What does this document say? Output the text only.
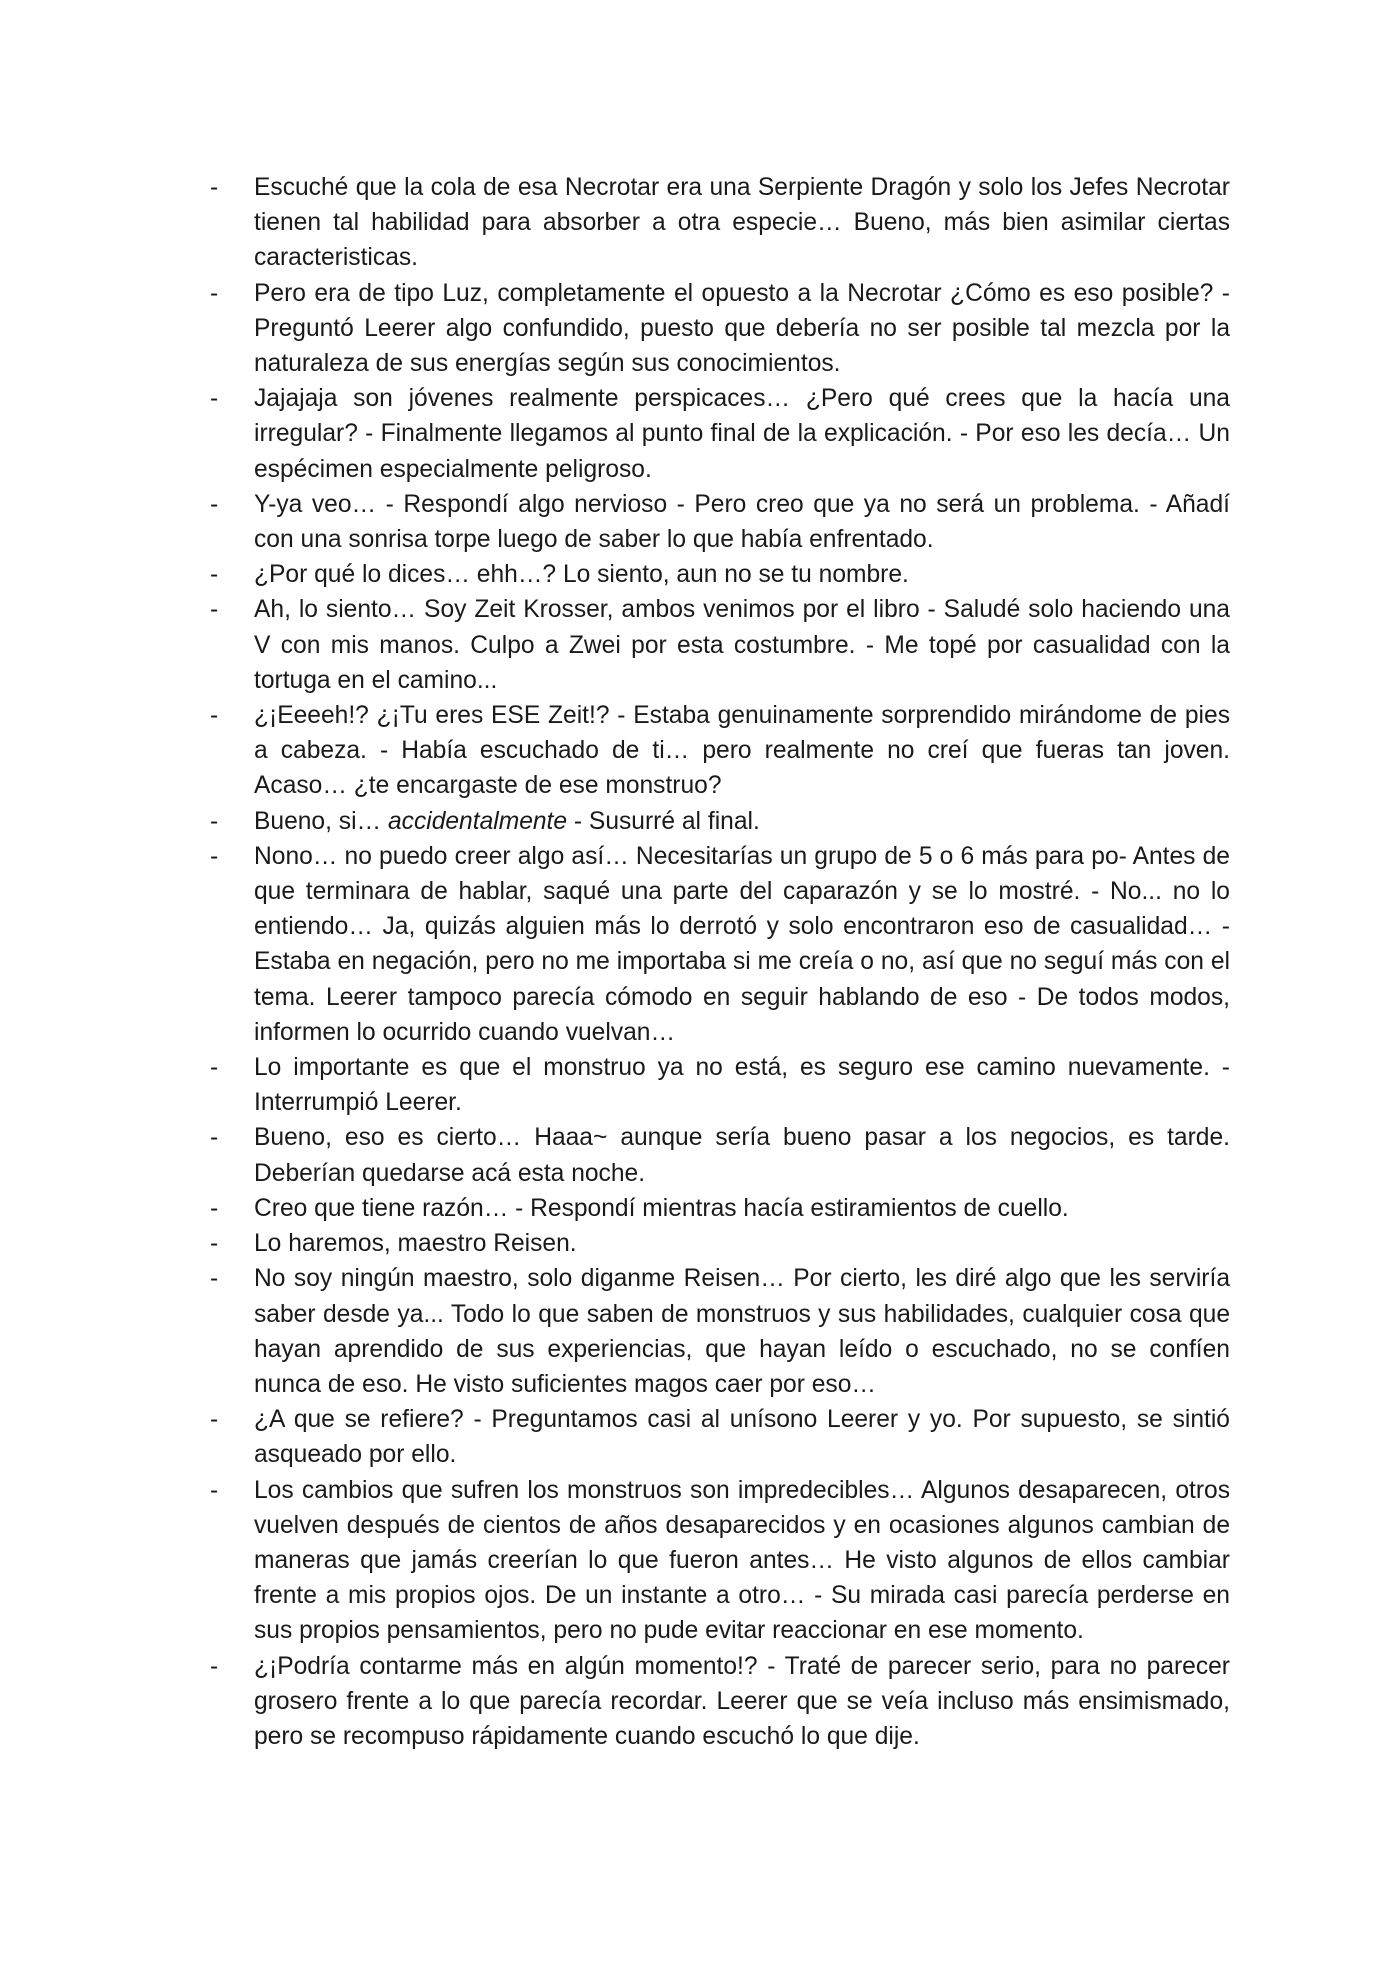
- Escuché que la cola de esa Necrotar era una Serpiente Dragón y solo los Jefes Necrotar tienen tal habilidad para absorber a otra especie… Bueno, más bien asimilar ciertas caracteristicas.
- Pero era de tipo Luz, completamente el opuesto a la Necrotar ¿Cómo es eso posible? - Preguntó Leerer algo confundido, puesto que debería no ser posible tal mezcla por la naturaleza de sus energías según sus conocimientos.
- Jajajaja son jóvenes realmente perspicaces… ¿Pero qué crees que la hacía una irregular? - Finalmente llegamos al punto final de la explicación. - Por eso les decía… Un espécimen especialmente peligroso.
- Y-ya veo… - Respondí algo nervioso - Pero creo que ya no será un problema. - Añadí con una sonrisa torpe luego de saber lo que había enfrentado.
- ¿Por qué lo dices… ehh…? Lo siento, aun no se tu nombre.
- Ah, lo siento… Soy Zeit Krosser, ambos venimos por el libro - Saludé solo haciendo una V con mis manos. Culpo a Zwei por esta costumbre. - Me topé por casualidad con la tortuga en el camino...
- ¿¡Eeeeh!? ¿¡Tu eres ESE Zeit!? - Estaba genuinamente sorprendido mirándome de pies a cabeza. - Había escuchado de ti… pero realmente no creí que fueras tan joven. Acaso… ¿te encargaste de ese monstruo?
- Bueno, si… accidentalmente - Susurré al final.
- Nono… no puedo creer algo así… Necesitarías un grupo de 5 o 6 más para po- Antes de que terminara de hablar, saqué una parte del caparazón y se lo mostré. - No... no lo entiendo… Ja, quizás alguien más lo derrotó y solo encontraron eso de casualidad… - Estaba en negación, pero no me importaba si me creía o no, así que no seguí más con el tema. Leerer tampoco parecía cómodo en seguir hablando de eso - De todos modos, informen lo ocurrido cuando vuelvan…
- Lo importante es que el monstruo ya no está, es seguro ese camino nuevamente. - Interrumpió Leerer.
- Bueno, eso es cierto… Haaa~ aunque sería bueno pasar a los negocios, es tarde. Deberían quedarse acá esta noche.
- Creo que tiene razón… - Respondí mientras hacía estiramientos de cuello.
- Lo haremos, maestro Reisen.
- No soy ningún maestro, solo diganme Reisen… Por cierto, les diré algo que les serviría saber desde ya... Todo lo que saben de monstruos y sus habilidades, cualquier cosa que hayan aprendido de sus experiencias, que hayan leído o escuchado, no se confíen nunca de eso. He visto suficientes magos caer por eso…
- ¿A que se refiere? - Preguntamos casi al unísono Leerer y yo. Por supuesto, se sintió asqueado por ello.
- Los cambios que sufren los monstruos son impredecibles… Algunos desaparecen, otros vuelven después de cientos de años desaparecidos y en ocasiones algunos cambian de maneras que jamás creerían lo que fueron antes… He visto algunos de ellos cambiar frente a mis propios ojos. De un instante a otro… - Su mirada casi parecía perderse en sus propios pensamientos, pero no pude evitar reaccionar en ese momento.
- ¿¡Podría contarme más en algún momento!? - Traté de parecer serio, para no parecer grosero frente a lo que parecía recordar. Leerer que se veía incluso más ensimismado, pero se recompuso rápidamente cuando escuchó lo que dije.
